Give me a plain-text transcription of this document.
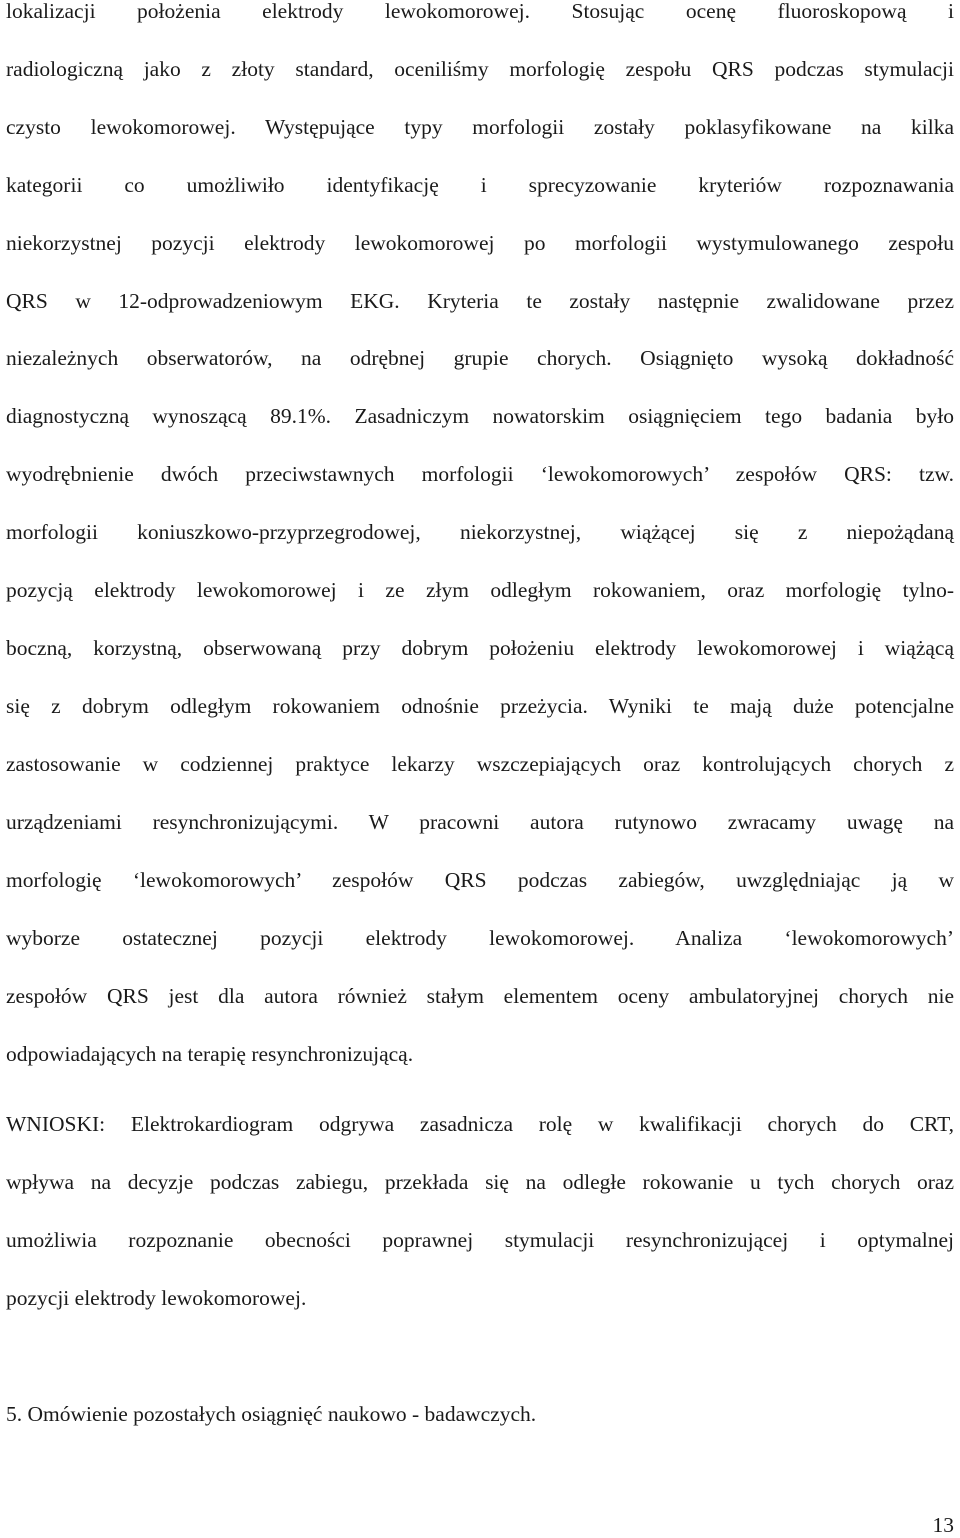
lokalizacji położenia elektrody lewokomorowej. Stosując ocenę fluoroskopową i
radiologiczną jako z złoty standard, oceniliśmy morfologię zespołu QRS podczas stymulacji
czysto lewokomorowej. Występujące typy morfologii zostały poklasyfikowane na kilka
kategorii co umożliwiło identyfikację i sprecyzowanie kryteriów rozpoznawania
niekorzystnej pozycji elektrody lewokomorowej po morfologii wystymulowanego zespołu
QRS w 12-odprowadzeniowym EKG. Kryteria te zostały następnie zwalidowane przez
niezależnych obserwatorów, na odrębnej grupie chorych. Osiągnięto wysoką dokładność
diagnostyczną wynoszącą 89.1%. Zasadniczym nowatorskim osiągnięciem tego badania było
wyodrębnienie dwóch przeciwstawnych morfologii ‘lewokomorowych’ zespołów QRS: tzw.
morfologii koniuszkowo-przyprzegrodowej, niekorzystnej, wiążącej się z niepożądaną
pozycją elektrody lewokomorowej i ze złym odległym rokowaniem, oraz morfologię tylno-
boczną, korzystną, obserwowaną przy dobrym położeniu elektrody lewokomorowej i wiążącą
się z dobrym odległym rokowaniem odnośnie przeżycia. Wyniki te mają duże potencjalne
zastosowanie w codziennej praktyce lekarzy wszczepiających oraz kontrolujących chorych z
urządzeniami resynchronizującymi. W pracowni autora rutynowo zwracamy uwagę na
morfologię ‘lewokomorowych’ zespołów QRS podczas zabiegów, uwzględniając ją w
wyborze ostatecznej pozycji elektrody lewokomorowej. Analiza ‘lewokomorowych’
zespołów QRS jest dla autora również stałym elementem oceny ambulatoryjnej chorych nie
odpowiadających na terapię resynchronizującą.
WNIOSKI: Elektrokardiogram odgrywa zasadnicza rolę w kwalifikacji chorych do CRT,
wpływa na decyzje podczas zabiegu, przekłada się na odległe rokowanie u tych chorych oraz
umożliwia rozpoznanie obecności poprawnej stymulacji resynchronizującej i optymalnej
pozycji elektrody lewokomorowej.
5. Omówienie pozostałych osiągnięć naukowo - badawczych.
13
